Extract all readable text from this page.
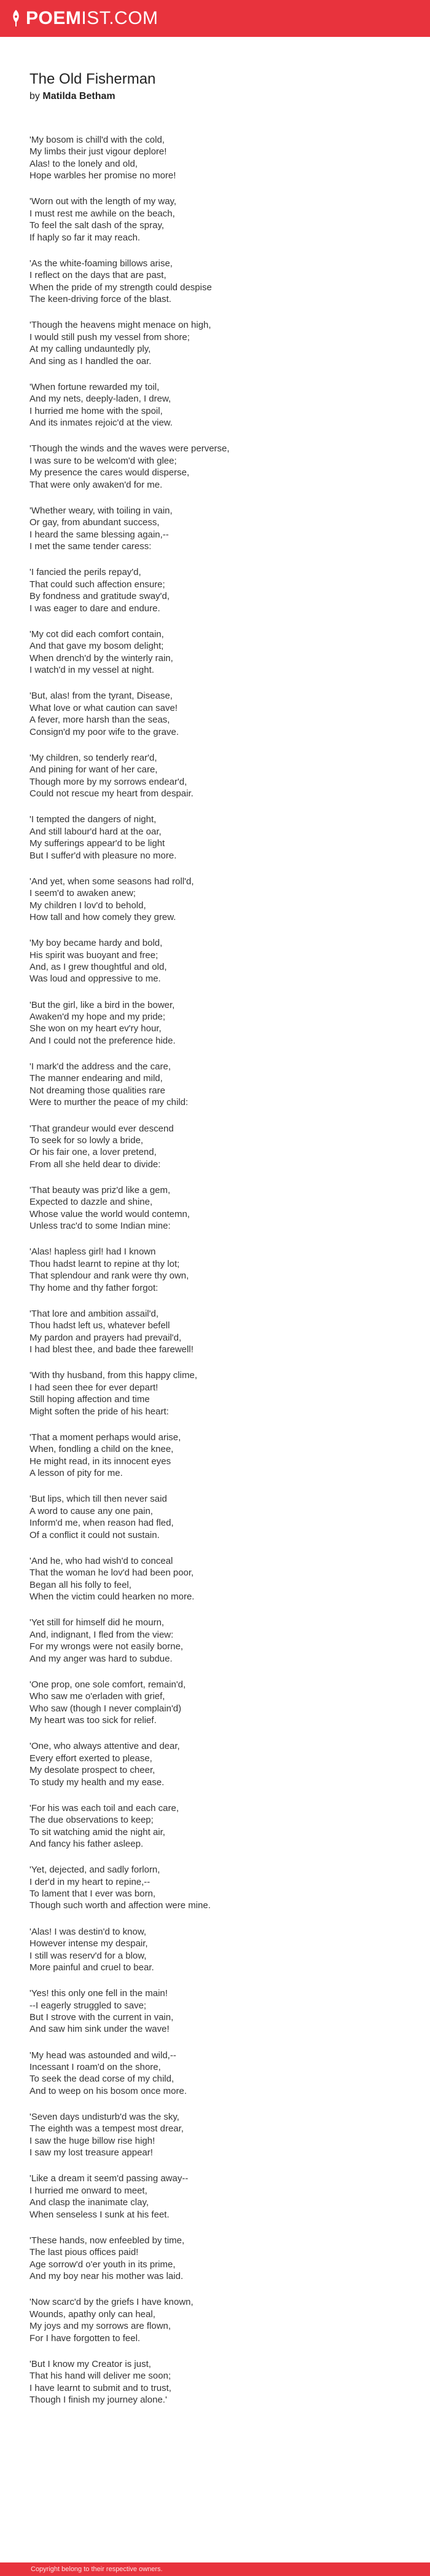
POEMIST.COM
The Old Fisherman
by Matilda Betham

'My bosom is chill'd with the cold,
My limbs their just vigour deplore!
Alas! to the lonely and old,
Hope warbles her promise no more!

'Worn out with the length of my way,
I must rest me awhile on the beach,
To feel the salt dash of the spray,
If haply so far it may reach.

'As the white-foaming billows arise,
I reflect on the days that are past,
When the pride of my strength could despise
The keen-driving force of the blast.

'Though the heavens might menace on high,
I would still push my vessel from shore;
At my calling undauntedly ply,
And sing as I handled the oar.

'When fortune rewarded my toil,
And my nets, deeply-laden, I drew,
I hurried me home with the spoil,
And its inmates rejoic'd at the view.

'Though the winds and the waves were perverse,
I was sure to be welcom'd with glee;
My presence the cares would disperse,
That were only awaken'd for me.

'Whether weary, with toiling in vain,
Or gay, from abundant success,
I heard the same blessing again,--
I met the same tender caress:

'I fancied the perils repay'd,
That could such affection ensure;
By fondness and gratitude sway'd,
I was eager to dare and endure.

'My cot did each comfort contain,
And that gave my bosom delight;
When drench'd by the winterly rain,
I watch'd in my vessel at night.

'But, alas! from the tyrant, Disease,
What love or what caution can save!
A fever, more harsh than the seas,
Consign'd my poor wife to the grave.

'My children, so tenderly rear'd,
And pining for want of her care,
Though more by my sorrows endear'd,
Could not rescue my heart from despair.

'I tempted the dangers of night,
And still labour'd hard at the oar,
My sufferings appear'd to be light
But I suffer'd with pleasure no more.

'And yet, when some seasons had roll'd,
I seem'd to awaken anew;
My children I lov'd to behold,
How tall and how comely they grew.

'My boy became hardy and bold,
His spirit was buoyant and free;
And, as I grew thoughtful and old,
Was loud and oppressive to me.

'But the girl, like a bird in the bower,
Awaken'd my hope and my pride;
She won on my heart ev'ry hour,
And I could not the preference hide.

'I mark'd the address and the care,
The manner endearing and mild,
Not dreaming those qualities rare
Were to murther the peace of my child:

'That grandeur would ever descend
To seek for so lowly a bride,
Or his fair one, a lover pretend,
From all she held dear to divide:

'That beauty was priz'd like a gem,
Expected to dazzle and shine,
Whose value the world would contemn,
Unless trac'd to some Indian mine:

'Alas! hapless girl! had I known
Thou hadst learnt to repine at thy lot;
That splendour and rank were thy own,
Thy home and thy father forgot:

'That lore and ambition assail'd,
Thou hadst left us, whatever befell
My pardon and prayers had prevail'd,
I had blest thee, and bade thee farewell!

'With thy husband, from this happy clime,
I had seen thee for ever depart!
Still hoping affection and time
Might soften the pride of his heart:

'That a moment perhaps would arise,
When, fondling a child on the knee,
He might read, in its innocent eyes
A lesson of pity for me.

'But lips, which till then never said
A word to cause any one pain,
Inform'd me, when reason had fled,
Of a conflict it could not sustain.

'And he, who had wish'd to conceal
That the woman he lov'd had been poor,
Began all his folly to feel,
When the victim could hearken no more.

'Yet still for himself did he mourn,
And, indignant, I fled from the view:
For my wrongs were not easily borne,
And my anger was hard to subdue.

'One prop, one sole comfort, remain'd,
Who saw me o'erladen with grief,
Who saw (though I never complain'd)
My heart was too sick for relief.

'One, who always attentive and dear,
Every effort exerted to please,
My desolate prospect to cheer,
To study my health and my ease.

'For his was each toil and each care,
The due observations to keep;
To sit watching amid the night air,
And fancy his father asleep.

'Yet, dejected, and sadly forlorn,
I der'd in my heart to repine,--
To lament that I ever was born,
Though such worth and affection were mine.

'Alas! I was destin'd to know,
However intense my despair,
I still was reserv'd for a blow,
More painful and cruel to bear.

'Yes! this only one fell in the main!
--I eagerly struggled to save;
But I strove with the current in vain,
And saw him sink under the wave!

'My head was astounded and wild,--
Incessant I roam'd on the shore,
To seek the dead corse of my child,
And to weep on his bosom once more.

'Seven days undisturb'd was the sky,
The eighth was a tempest most drear,
I saw the huge billow rise high!
I saw my lost treasure appear!

'Like a dream it seem'd passing away--
I hurried me onward to meet,
And clasp the inanimate clay,
When senseless I sunk at his feet.

'These hands, now enfeebled by time,
The last pious offices paid!
Age sorrow'd o'er youth in its prime,
And my boy near his mother was laid.

'Now scarc'd by the griefs I have known,
Wounds, apathy only can heal,
My joys and my sorrows are flown,
For I have forgotten to feel.

'But I know my Creator is just,
That his hand will deliver me soon;
I have learnt to submit and to trust,
Though I finish my journey alone.'

Copyright belong to their respective owners.
